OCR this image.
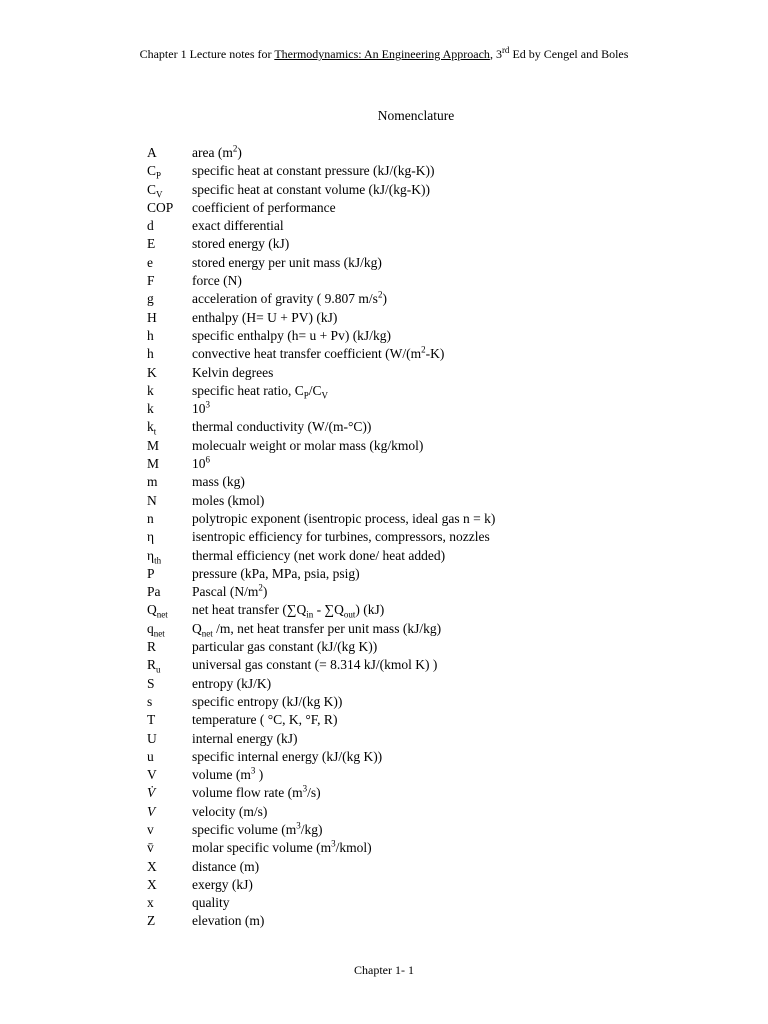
Chapter 1 Lecture notes for Thermodynamics: An Engineering Approach, 3rd Ed by Cengel and Boles
Nomenclature
A	area $(m^2)$
$C_P$ specific heat at constant pressure (kJ/(kg-K))
$C_V$ specific heat at constant volume (kJ/(kg-K))
COP coefficient of performance
d	exact differential
E	stored energy (kJ)
e	stored energy per unit mass (kJ/kg)
F	force (N)
g	acceleration of gravity ( 9.807 $m/s^2$)
H	enthalpy (H= U + PV) (kJ)
h	specific enthalpy (h= u + Pv) (kJ/kg)
h	convective heat transfer coefficient ($W/(m^2-K)$
K	Kelvin degrees
k	specific heat ratio, $C_P/C_V$
k	$10^3$
$k_t$	thermal conductivity (W/(m-°C))
M molecualr weight or molar mass (kg/kmol)
M $10^6$
m	mass (kg)
N	moles (kmol)
n	polytropic exponent (isentropic process, ideal gas n = k)
η	isentropic efficiency for turbines, compressors, nozzles
$\eta_{th}$ thermal efficiency (net work done/ heat added)
P	pressure (kPa, MPa, psia, psig)
Pa Pascal $(N/m^2)$
$Q_{net}$ net heat transfer $(\sum Q_{in} - \sum Q_{out})$ (kJ)
$q_{net}$ $Q_{net}$ /m, net heat transfer per unit mass (kJ/kg)
R	particular gas constant (kJ/(kg K))
$R_u$ universal gas constant (= 8.314 kJ/(kmol K) )
S	entropy (kJ/K)
s	specific entropy (kJ/(kg K))
T	temperature ( °C, K, °F, R)
U	internal energy (kJ)
u	specific internal energy (kJ/(kg K))
V	volume ($m^3$ )
V̇	volume flow rate $(m^3/s)$
V	velocity (m/s)
v	specific volume $(m^3/kg)$
v̄	molar specific volume $(m^3/kmol)$
X	distance (m)
X	exergy (kJ)
x	quality
Z	elevation (m)
Chapter 1- 1
